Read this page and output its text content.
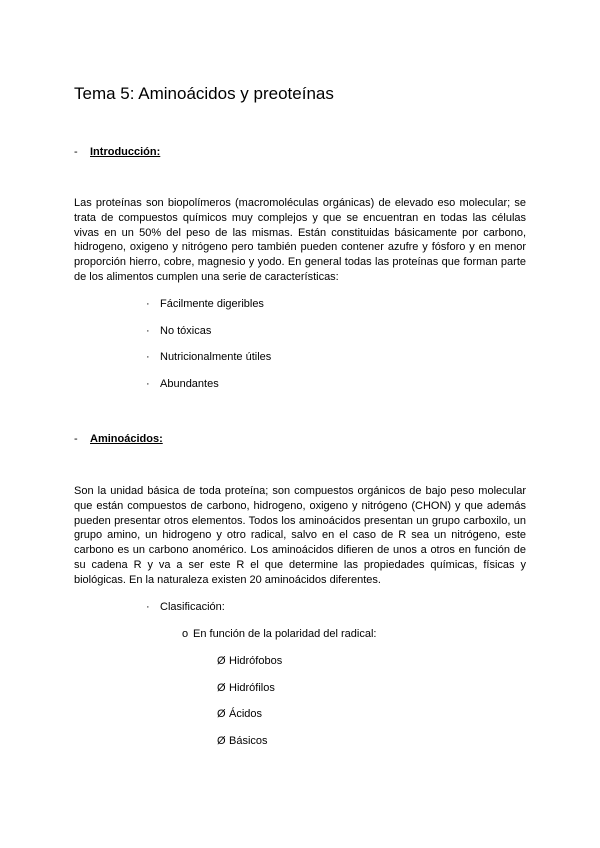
Tema 5: Aminoácidos y preoteínas

- Introducción:

Las proteínas son biopolímeros (macromoléculas orgánicas) de elevado eso molecular; se trata de compuestos químicos muy complejos y que se encuentran en todas las células vivas en un 50% del peso de las mismas. Están constituidas básicamente por carbono, hidrogeno, oxigeno y nitrógeno pero también pueden contener azufre y fósforo y en menor proporción hierro, cobre, magnesio y yodo. En general todas las proteínas que forman parte de los alimentos cumplen una serie de características:

· Fácilmente digeribles

· No tóxicas

· Nutricionalmente útiles

· Abundantes

- Aminoácidos:

Son la unidad básica de toda proteína; son compuestos orgánicos de bajo peso molecular que están compuestos de carbono, hidrogeno, oxigeno y nitrógeno (CHON) y que además pueden presentar otros elementos. Todos los aminoácidos presentan un grupo carboxilo, un grupo amino, un hidrogeno y otro radical, salvo en el caso de R sea un nitrógeno, este carbono es un carbono anomérico. Los aminoácidos difieren de unos a otros en función de su cadena R y va a ser este R el que determine las propiedades químicas, físicas y biológicas. En la naturaleza existen 20 aminoácidos diferentes.

· Clasificación:

o En función de la polaridad del radical:

Ø Hidrófobos

Ø Hidrófilos

Ø Ácidos

Ø Básicos
